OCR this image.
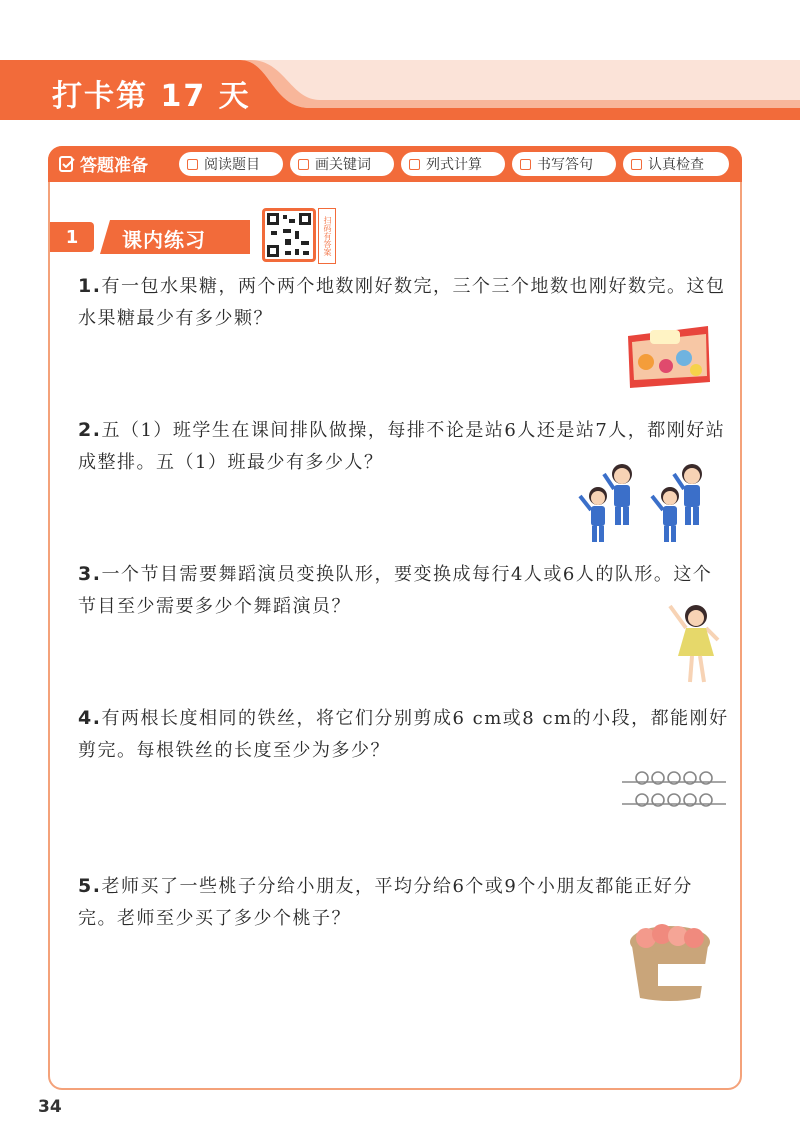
打卡第 17 天
答题准备	阅读题目	画关键词	列式计算	书写答句	认真检查
1	课内练习	扫码有答案
1.有一包水果糖，两个两个地数刚好数完，三个三个地数也刚好数完。这包水果糖最少有多少颗？
2.五（1）班学生在课间排队做操，每排不论是站6人还是站7人，都刚好站成整排。五（1）班最少有多少人？
3.一个节目需要舞蹈演员变换队形，要变换成每行4人或6人的队形。这个节目至少需要多少个舞蹈演员？
4.有两根长度相同的铁丝，将它们分别剪成6 cm或8 cm的小段，都能刚好剪完。每根铁丝的长度至少为多少？
5.老师买了一些桃子分给小朋友，平均分给6个或9个小朋友都能正好分完。老师至少买了多少个桃子？
34
